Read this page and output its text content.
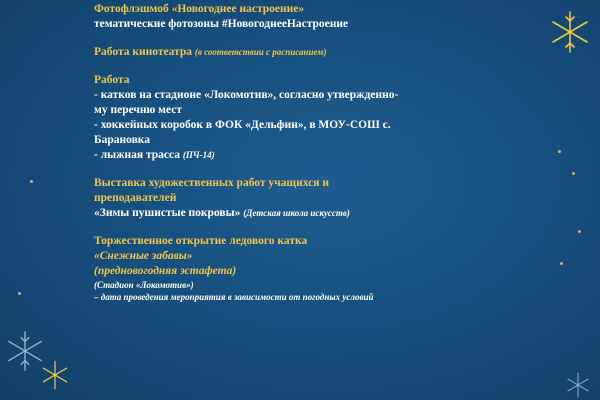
Фотофлэшмоб «Новогоднее настроение»
тематические фотозоны #НовогоднееНастроение
Работа кинотеатра (в соответствии с расписанием)
Работа
- катков на стадионе «Локомотив», согласно утвержденно-
му перечню мест
- хоккейных коробок в ФОК «Дельфин», в МОУ-СОШ с.
Барановка
- лыжная трасса (ПЧ-14)
Выставка художественных работ учащихся и
преподавателей
«Зимы пушистые покровы» (Детская школа искусств)
Торжественное открытие ледового катка
«Снежные забавы»
(предновогодняя эстафета)
(Стадион «Локомотив»)
– дата проведения мероприятия в зависимости от погодных условий
